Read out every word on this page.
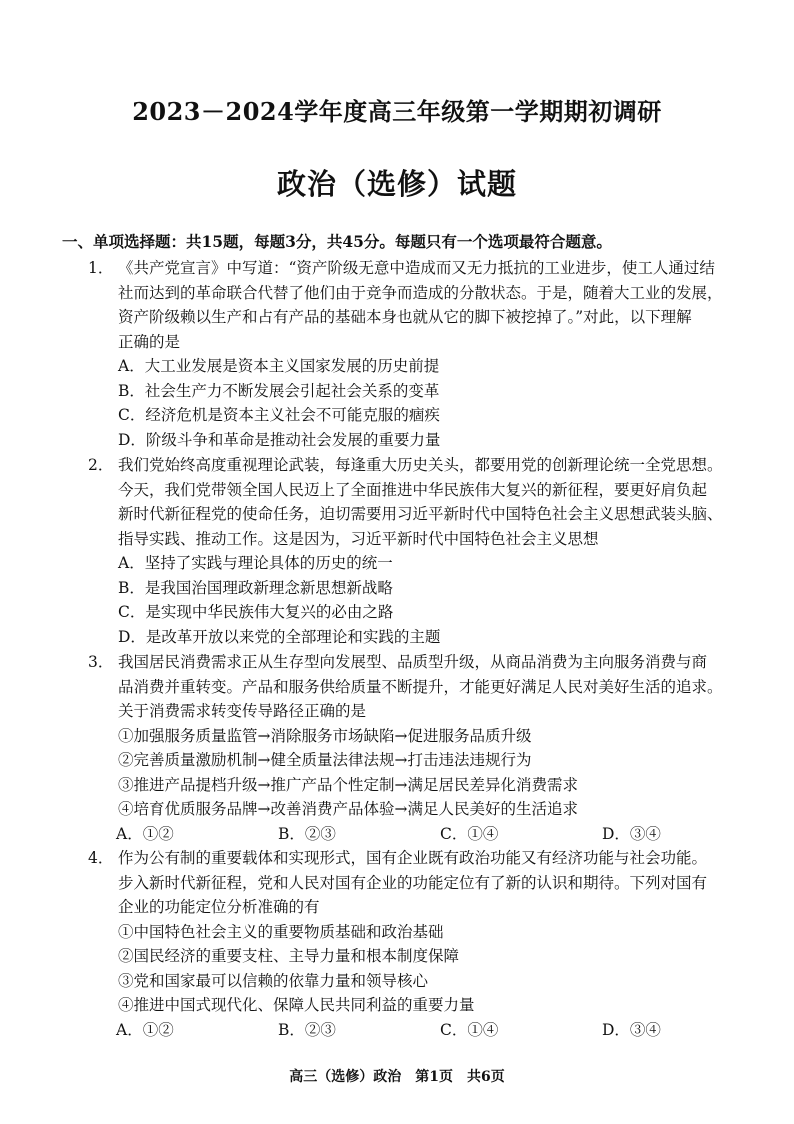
2023－2024学年度高三年级第一学期期初调研
政治（选修）试题
一、单项选择题：共15题，每题3分，共45分。每题只有一个选项最符合题意。
1． 《共产党宣言》中写道：“资产阶级无意中造成而又无力抵抗的工业进步，使工人通过结
社而达到的革命联合代替了他们由于竞争而造成的分散状态。于是，随着大工业的发展，
资产阶级赖以生产和占有产品的基础本身也就从它的脚下被挖掉了。”对此，以下理解
正确的是
A．大工业发展是资本主义国家发展的历史前提
B．社会生产力不断发展会引起社会关系的变革
C．经济危机是资本主义社会不可能克服的痼疾
D．阶级斗争和革命是推动社会发展的重要力量
2． 我们党始终高度重视理论武装，每逢重大历史关头，都要用党的创新理论统一全党思想。
今天，我们党带领全国人民迈上了全面推进中华民族伟大复兴的新征程，要更好肩负起
新时代新征程党的使命任务，迫切需要用习近平新时代中国特色社会主义思想武装头脑、
指导实践、推动工作。这是因为，习近平新时代中国特色社会主义思想
A．坚持了实践与理论具体的历史的统一
B．是我国治国理政新理念新思想新战略
C．是实现中华民族伟大复兴的必由之路
D．是改革开放以来党的全部理论和实践的主题
3． 我国居民消费需求正从生存型向发展型、品质型升级，从商品消费为主向服务消费与商
品消费并重转变。产品和服务供给质量不断提升，才能更好满足人民对美好生活的追求。
关于消费需求转变传导路径正确的是
①加强服务质量监管→消除服务市场缺陷→促进服务品质升级
②完善质量激励机制→健全质量法律法规→打击违法违规行为
③推进产品提档升级→推广产品个性定制→满足居民差异化消费需求
④培育优质服务品牌→改善消费产品体验→满足人民美好的生活追求
A．①②	B．②③	C．①④	D．③④
4． 作为公有制的重要载体和实现形式，国有企业既有政治功能又有经济功能与社会功能。
步入新时代新征程，党和人民对国有企业的功能定位有了新的认识和期待。下列对国有
企业的功能定位分析准确的有
①中国特色社会主义的重要物质基础和政治基础
②国民经济的重要支柱、主导力量和根本制度保障
③党和国家最可以信赖的依靠力量和领导核心
④推进中国式现代化、保障人民共同利益的重要力量
A．①②	B．②③	C．①④	D．③④
高三（选修）政治　第1页　共6页
